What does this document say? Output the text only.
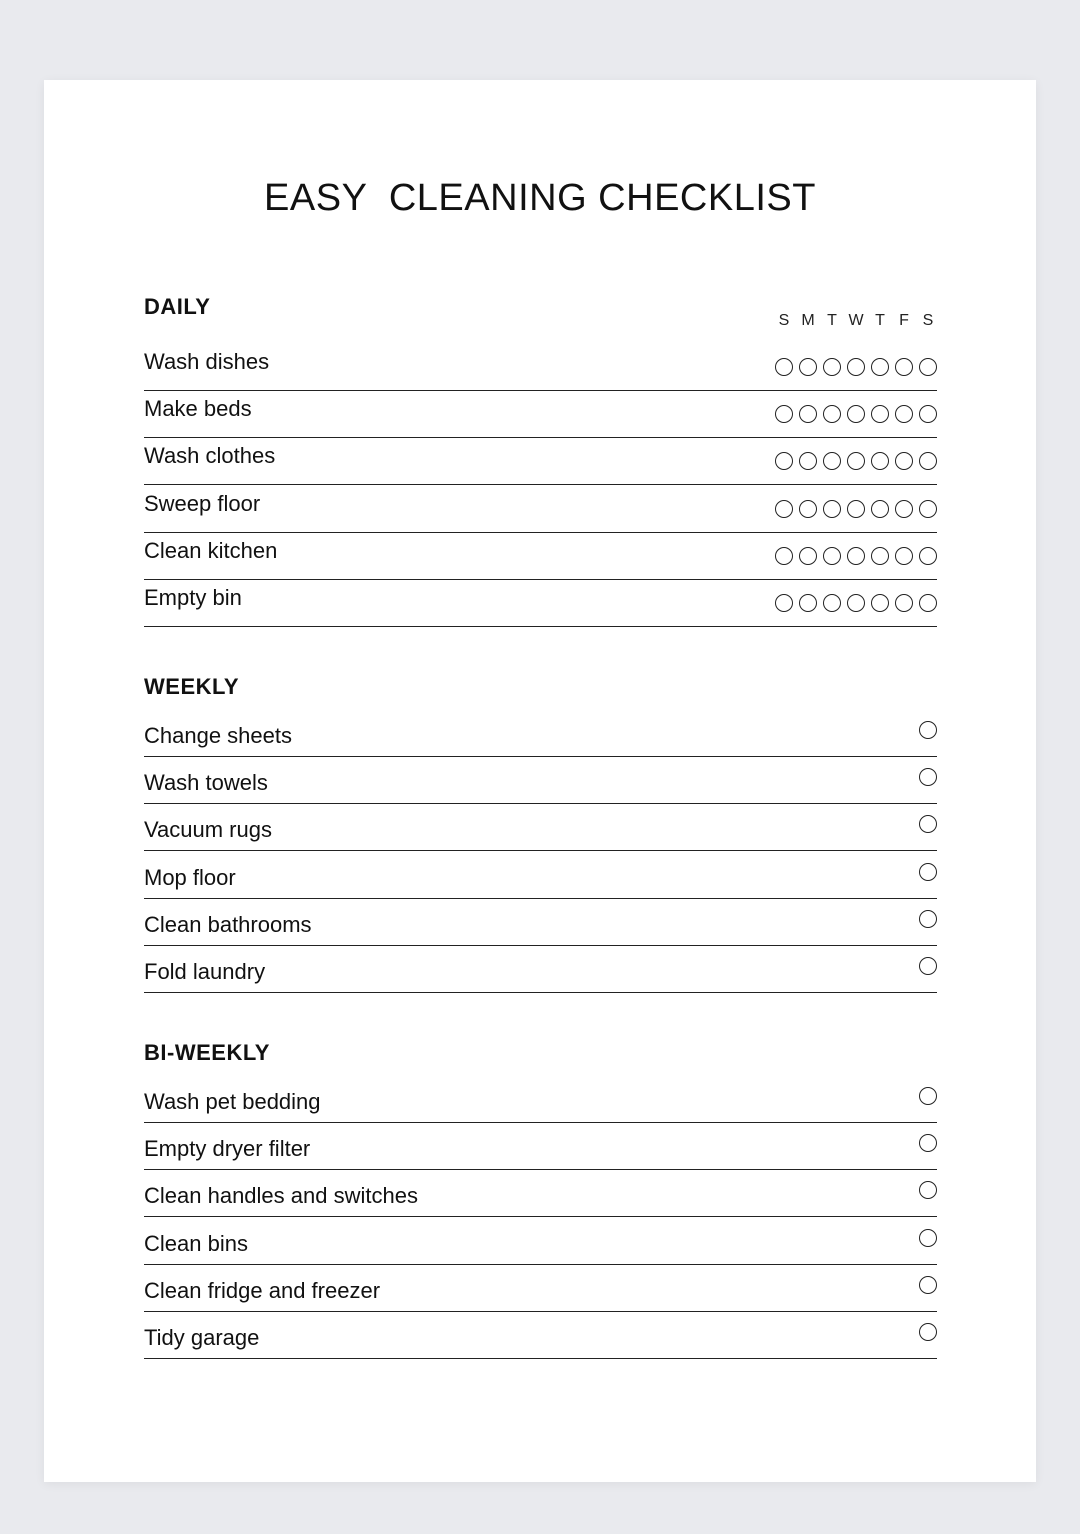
EASY  CLEANING CHECKLIST
DAILY
S M T W T F S
Wash dishes
Make beds
Wash clothes
Sweep floor
Clean kitchen
Empty bin
WEEKLY
Change sheets
Wash towels
Vacuum rugs
Mop floor
Clean bathrooms
Fold laundry
BI-WEEKLY
Wash pet bedding
Empty dryer filter
Clean handles and switches
Clean bins
Clean fridge and freezer
Tidy garage
